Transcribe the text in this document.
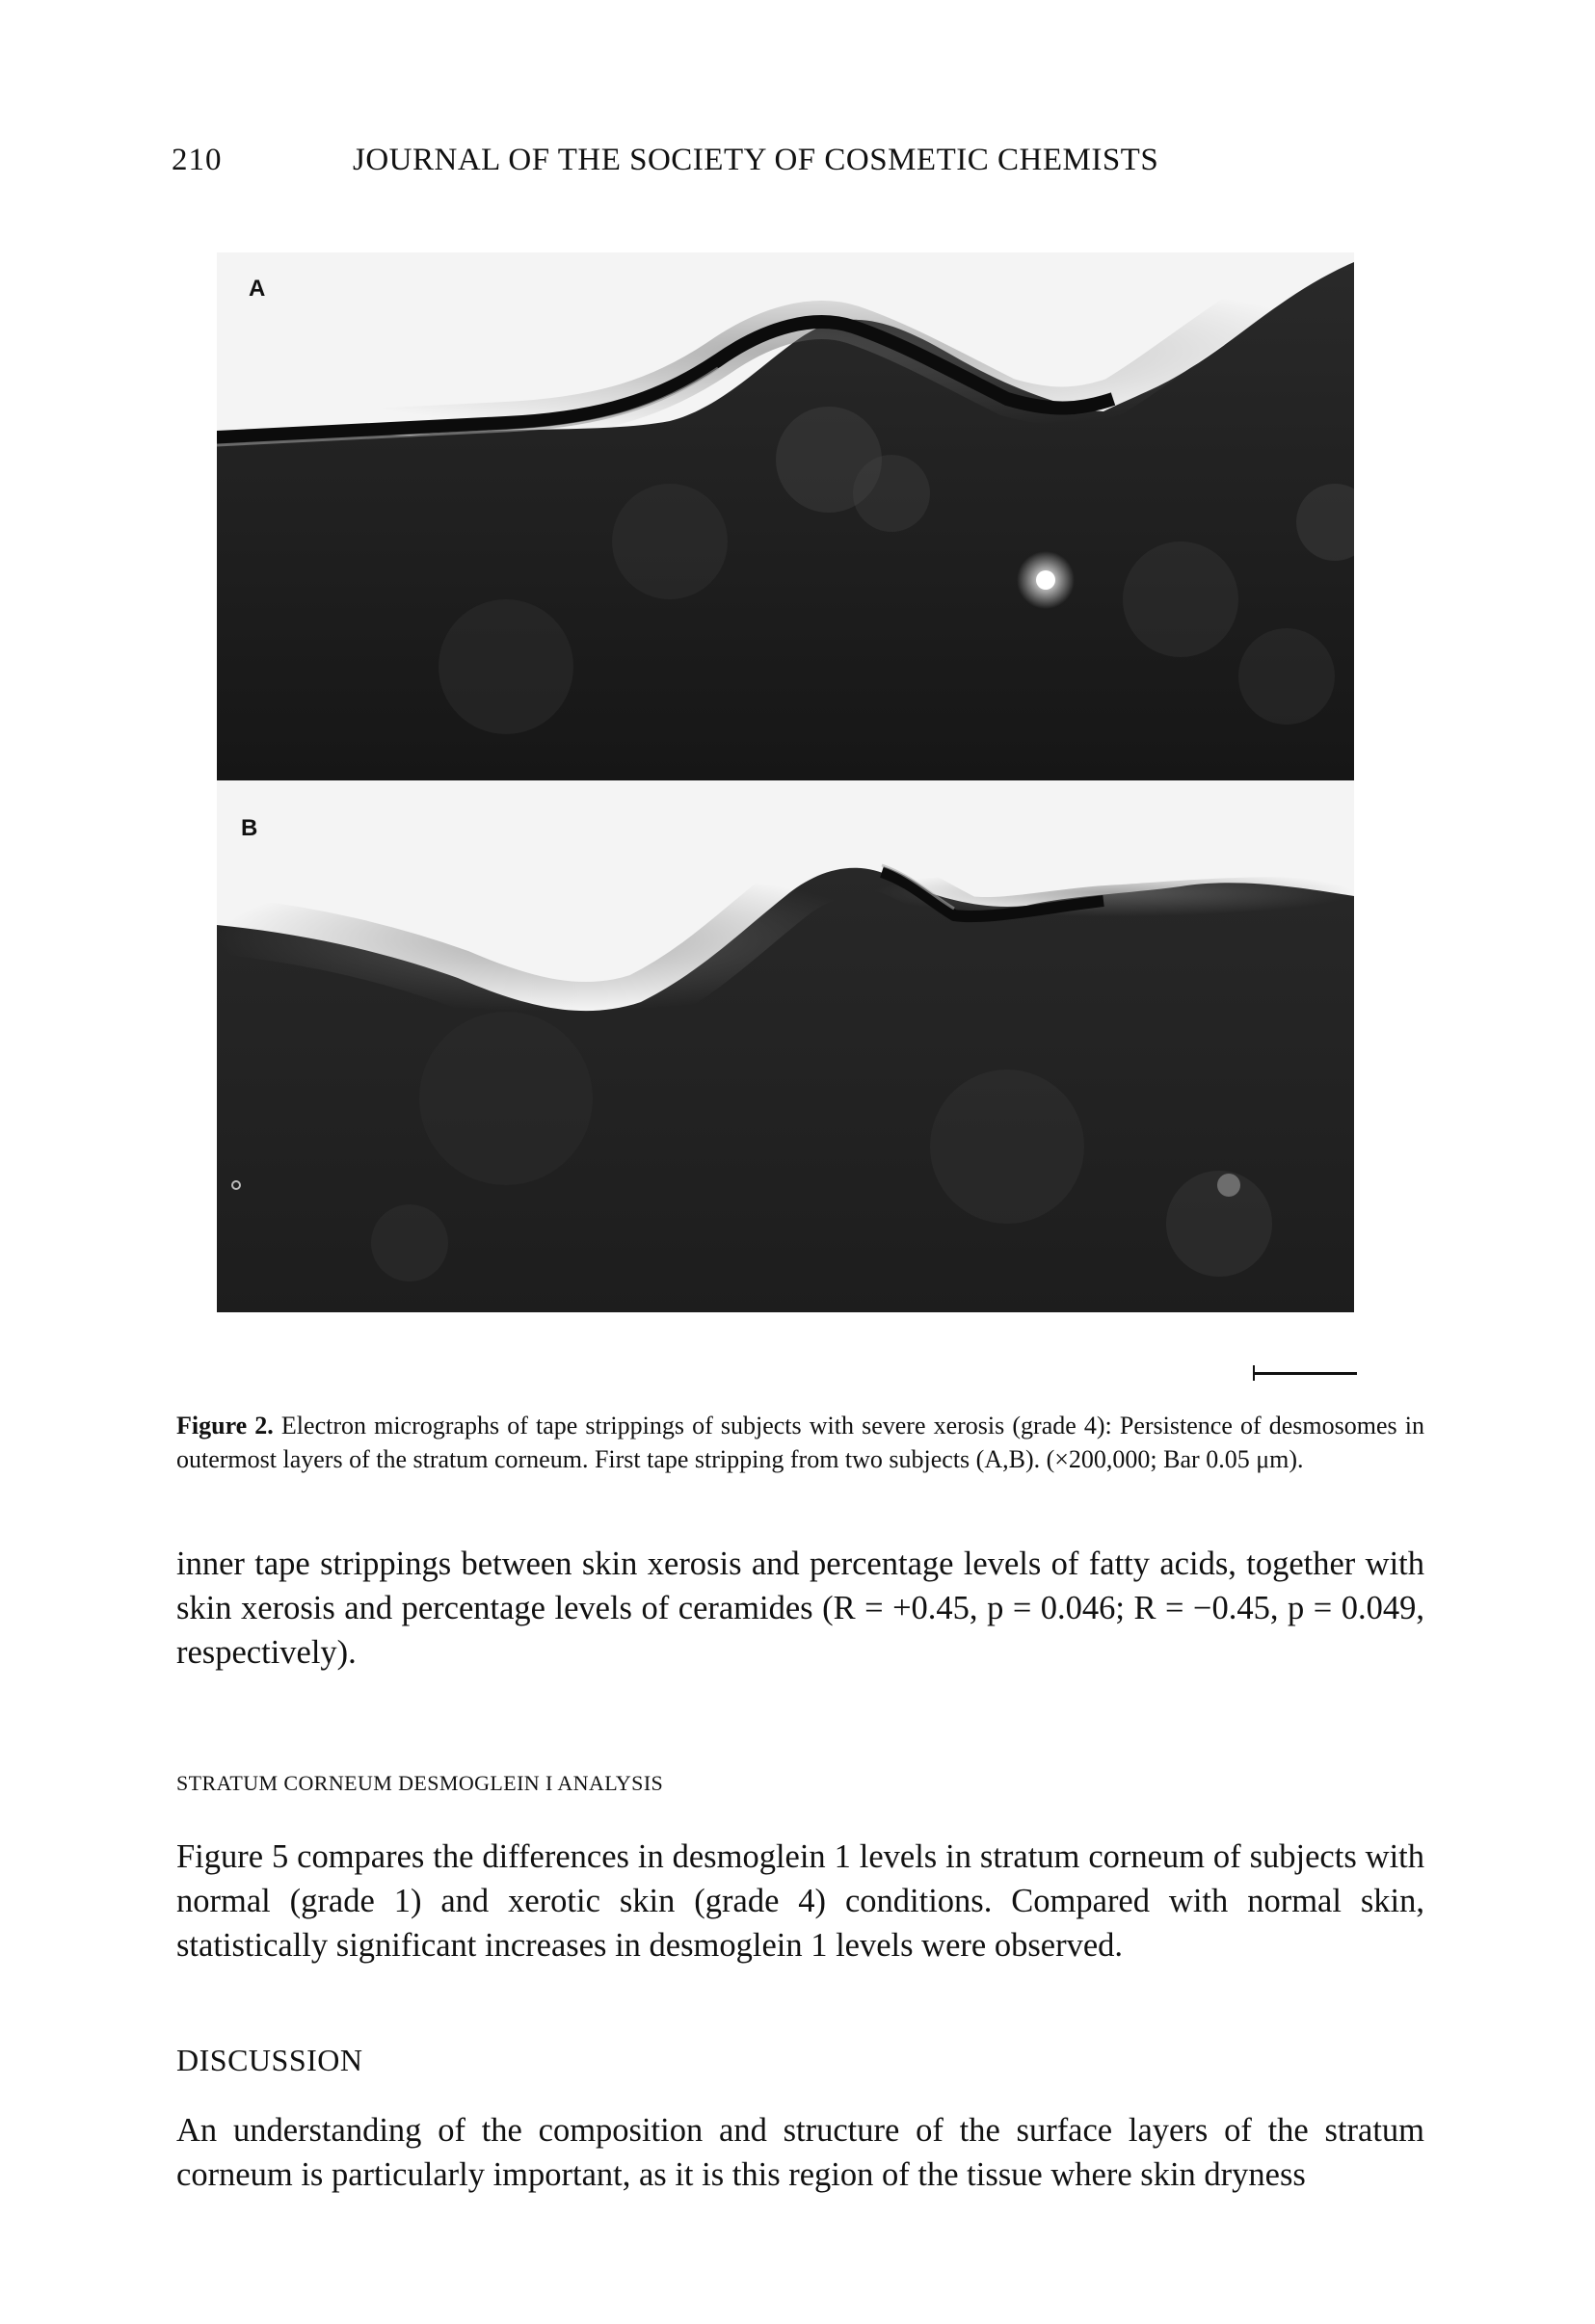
210	JOURNAL OF THE SOCIETY OF COSMETIC CHEMISTS
A
B
Figure 2. Electron micrographs of tape strippings of subjects with severe xerosis (grade 4): Persistence of desmosomes in outermost layers of the stratum corneum. First tape stripping from two subjects (A,B). (×200,000; Bar 0.05 μm).
inner tape strippings between skin xerosis and percentage levels of fatty acids, together with skin xerosis and percentage levels of ceramides (R = +0.45, p = 0.046; R = −0.45, p = 0.049, respectively).
STRATUM CORNEUM DESMOGLEIN I ANALYSIS
Figure 5 compares the differences in desmoglein 1 levels in stratum corneum of subjects with normal (grade 1) and xerotic skin (grade 4) conditions. Compared with normal skin, statistically significant increases in desmoglein 1 levels were observed.
DISCUSSION
An understanding of the composition and structure of the surface layers of the stratum corneum is particularly important, as it is this region of the tissue where skin dryness
